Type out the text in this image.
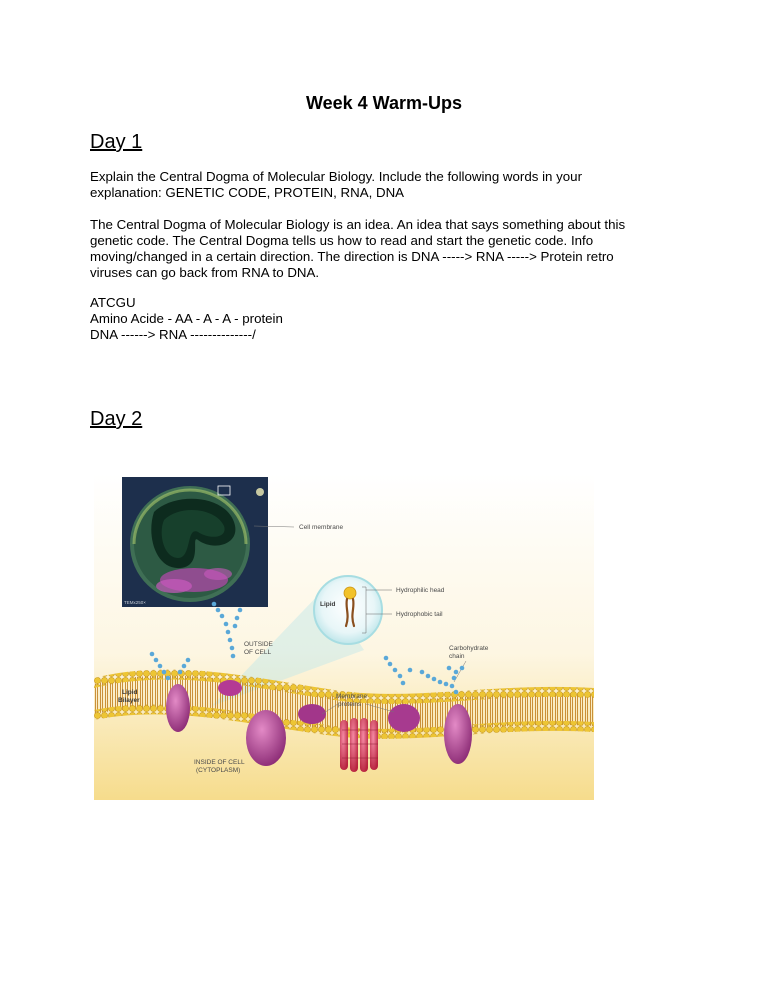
Week 4 Warm-Ups
Day 1
Explain the Central Dogma of Molecular Biology. Include the following words in your
explanation: GENETIC CODE, PROTEIN, RNA, DNA
The Central Dogma of Molecular Biology is an idea. An idea that says something about this
genetic code. The Central Dogma tells us how to read and start the genetic code. Info
moving/changed in a certain direction. The direction is DNA -----> RNA -----> Protein retro
viruses can go back from RNA to DNA.
ATCGU
Amino Acide - AA - A - A - protein
DNA ------> RNA --------------/
Day 2
TEMx250×
Cell membrane
Lipid
Hydrophilic head
Hydrophobic tail
OUTSIDE
OF CELL
Carbohydrate
chain
Membrane
proteins
Lipid
Bilayer
INSIDE OF CELL
(CYTOPLASM)
